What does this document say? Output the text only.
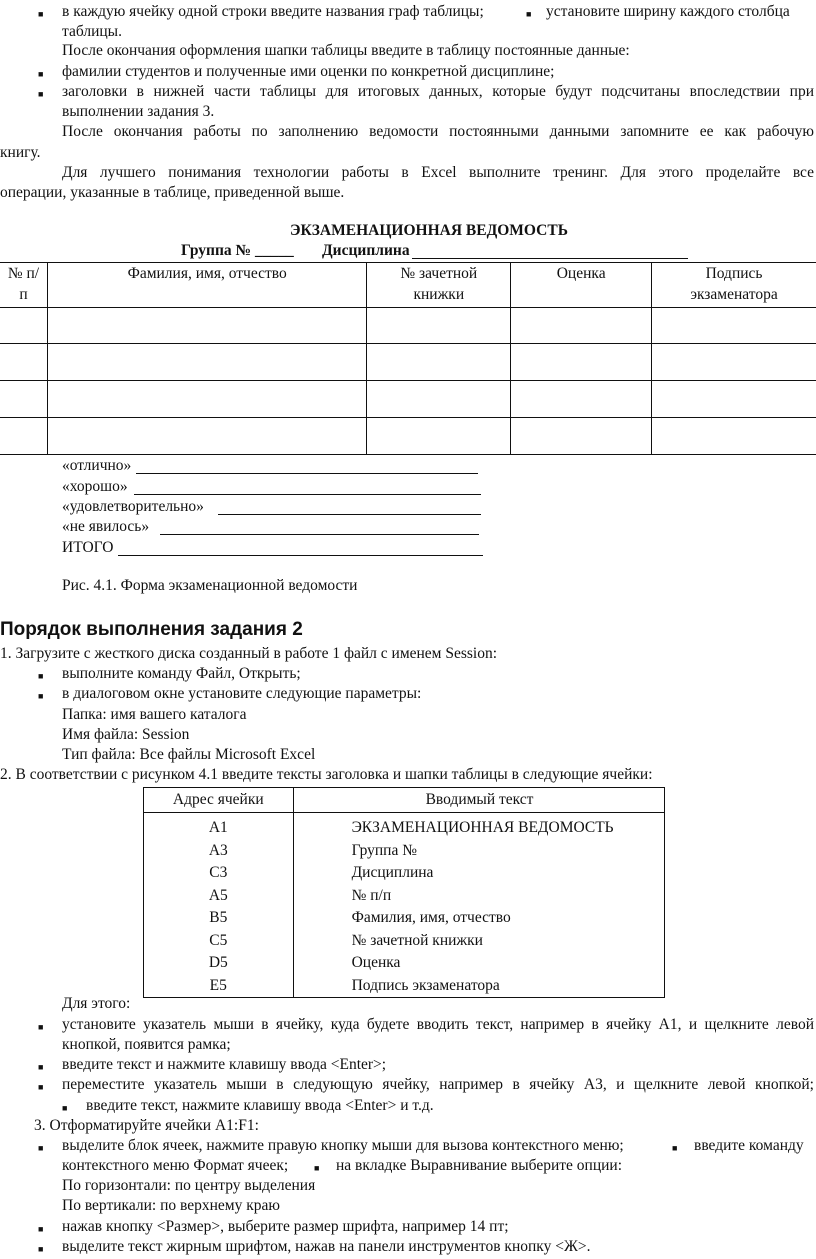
■ в каждую ячейку одной строки введите названия граф таблицы;	■ установите ширину каждого столбца
таблицы.
После окончания оформления шапки таблицы введите в таблицу постоянные данные:
■ фамилии студентов и полученные ими оценки по конкретной дисциплине;
■ заголовки в нижней части таблицы для итоговых данных, которые будут подсчитаны впоследствии при
выполнении задания 3.
После окончания работы по заполнению ведомости постоянными данными запомните ее как рабочую
книгу.
Для лучшего понимания технологии работы в Excel выполните тренинг. Для этого проделайте все
операции, указанные в таблице, приведенной выше.
ЭКЗАМЕНАЦИОННАЯ ВЕДОМОСТЬ
Группа № _____ Дисциплина
№ п/ п	Фамилия, имя, отчество	№ зачетной книжки	Оценка	Подпись экзаменатора

«отлично»
«хорошо»
«удовлетворительно»
«не явилось»
ИТОГО
Рис. 4.1. Форма экзаменационной ведомости
Порядок выполнения задания 2
1. Загрузите с жесткого диска созданный в работе 1 файл с именем Session:
■ выполните команду Файл, Открыть;
■ в диалоговом окне установите следующие параметры:
Папка: имя вашего каталога
Имя файла: Session
Тип файла: Все файлы Microsoft Excel
2. В соответствии с рисунком 4.1 введите тексты заголовка и шапки таблицы в следующие ячейки:
Адрес ячейки	Вводимый текст
A1	ЭКЗАМЕНАЦИОННАЯ ВЕДОМОСТЬ
A3	Группа №
C3	Дисциплина
A5	№ п/п
B5	Фамилия, имя, отчество
C5	№ зачетной книжки
D5	Оценка
E5	Подпись экзаменатора
Для этого:
■ установите указатель мыши в ячейку, куда будете вводить текст, например в ячейку А1, и щелкните левой
кнопкой, появится рамка;
■ введите текст и нажмите клавишу ввода <Enter>;
■ переместите указатель мыши в следующую ячейку, например в ячейку А3, и щелкните левой кнопкой;
■ введите текст, нажмите клавишу ввода <Enter> и т.д.
3. Отформатируйте ячейки A1:F1:
■ выделите блок ячеек, нажмите правую кнопку мыши для вызова контекстного меню;	■ введите команду
контекстного меню Формат ячеек;	■ на вкладке Выравнивание выберите опции:
По горизонтали: по центру выделения
По вертикали: по верхнему краю
■ нажав кнопку <Размер>, выберите размер шрифта, например 14 пт;
■ выделите текст жирным шрифтом, нажав на панели инструментов кнопку <Ж>.
